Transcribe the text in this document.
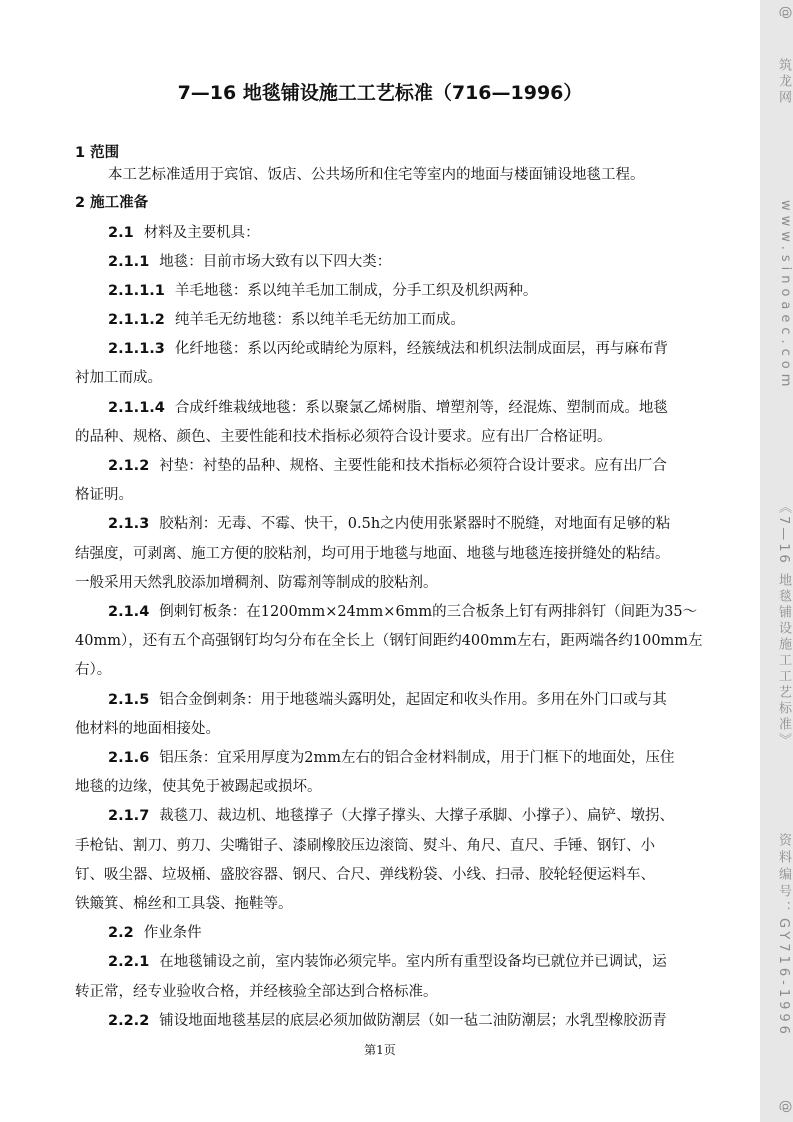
7—16 地毯铺设施工工艺标准（716—1996）
1 范围
本工艺标准适用于宾馆、饭店、公共场所和住宅等室内的地面与楼面铺设地毯工程。
2 施工准备
2.1 材料及主要机具：
2.1.1 地毯：目前市场大致有以下四大类：
2.1.1.1 羊毛地毯：系以纯羊毛加工制成，分手工织及机织两种。
2.1.1.2 纯羊毛无纺地毯：系以纯羊毛无纺加工而成。
2.1.1.3 化纤地毯：系以丙纶或睛纶为原料，经簇绒法和机织法制成面层，再与麻布背
衬加工而成。
2.1.1.4 合成纤维栽绒地毯：系以聚氯乙烯树脂、增塑剂等，经混炼、塑制而成。地毯
的品种、规格、颜色、主要性能和技术指标必须符合设计要求。应有出厂合格证明。
2.1.2 衬垫：衬垫的品种、规格、主要性能和技术指标必须符合设计要求。应有出厂合
格证明。
2.1.3 胶粘剂：无毒、不霉、快干，0.5h之内使用张紧器时不脱缝，对地面有足够的粘
结强度，可剥离、施工方便的胶粘剂，均可用于地毯与地面、地毯与地毯连接拼缝处的粘结。
一般采用天然乳胶添加增稠剂、防霉剂等制成的胶粘剂。
2.1.4 倒刺钉板条：在1200mm×24mm×6mm的三合板条上钉有两排斜钉（间距为35～
40mm），还有五个高强钢钉均匀分布在全长上（钢钉间距约400mm左右，距两端各约100mm左
右）。
2.1.5 铝合金倒刺条：用于地毯端头露明处，起固定和收头作用。多用在外门口或与其
他材料的地面相接处。
2.1.6 铝压条：宜采用厚度为2mm左右的铝合金材料制成，用于门框下的地面处，压住
地毯的边缘，使其免于被踢起或损坏。
2.1.7 裁毯刀、裁边机、地毯撑子（大撑子撑头、大撑子承脚、小撑子）、扁铲、墩拐、
手枪钻、割刀、剪刀、尖嘴钳子、漆刷橡胶压边滚筒、熨斗、角尺、直尺、手锤、钢钉、小
钉、吸尘器、垃圾桶、盛胶容器、钢尺、合尺、弹线粉袋、小线、扫帚、胶轮轻便运料车、
铁簸箕、棉丝和工具袋、拖鞋等。
2.2 作业条件
2.2.1 在地毯铺设之前，室内装饰必须完毕。室内所有重型设备均已就位并已调试，运
转正常，经专业验收合格，并经核验全部达到合格标准。
2.2.2 铺设地面地毯基层的底层必须加做防潮层（如一毡二油防潮层；水乳型橡胶沥青
第1页
@
筑龙网
www.sinoaec.com
《7—16 地毯铺设施工工艺标准》
资料编号：GY716-1996
@
